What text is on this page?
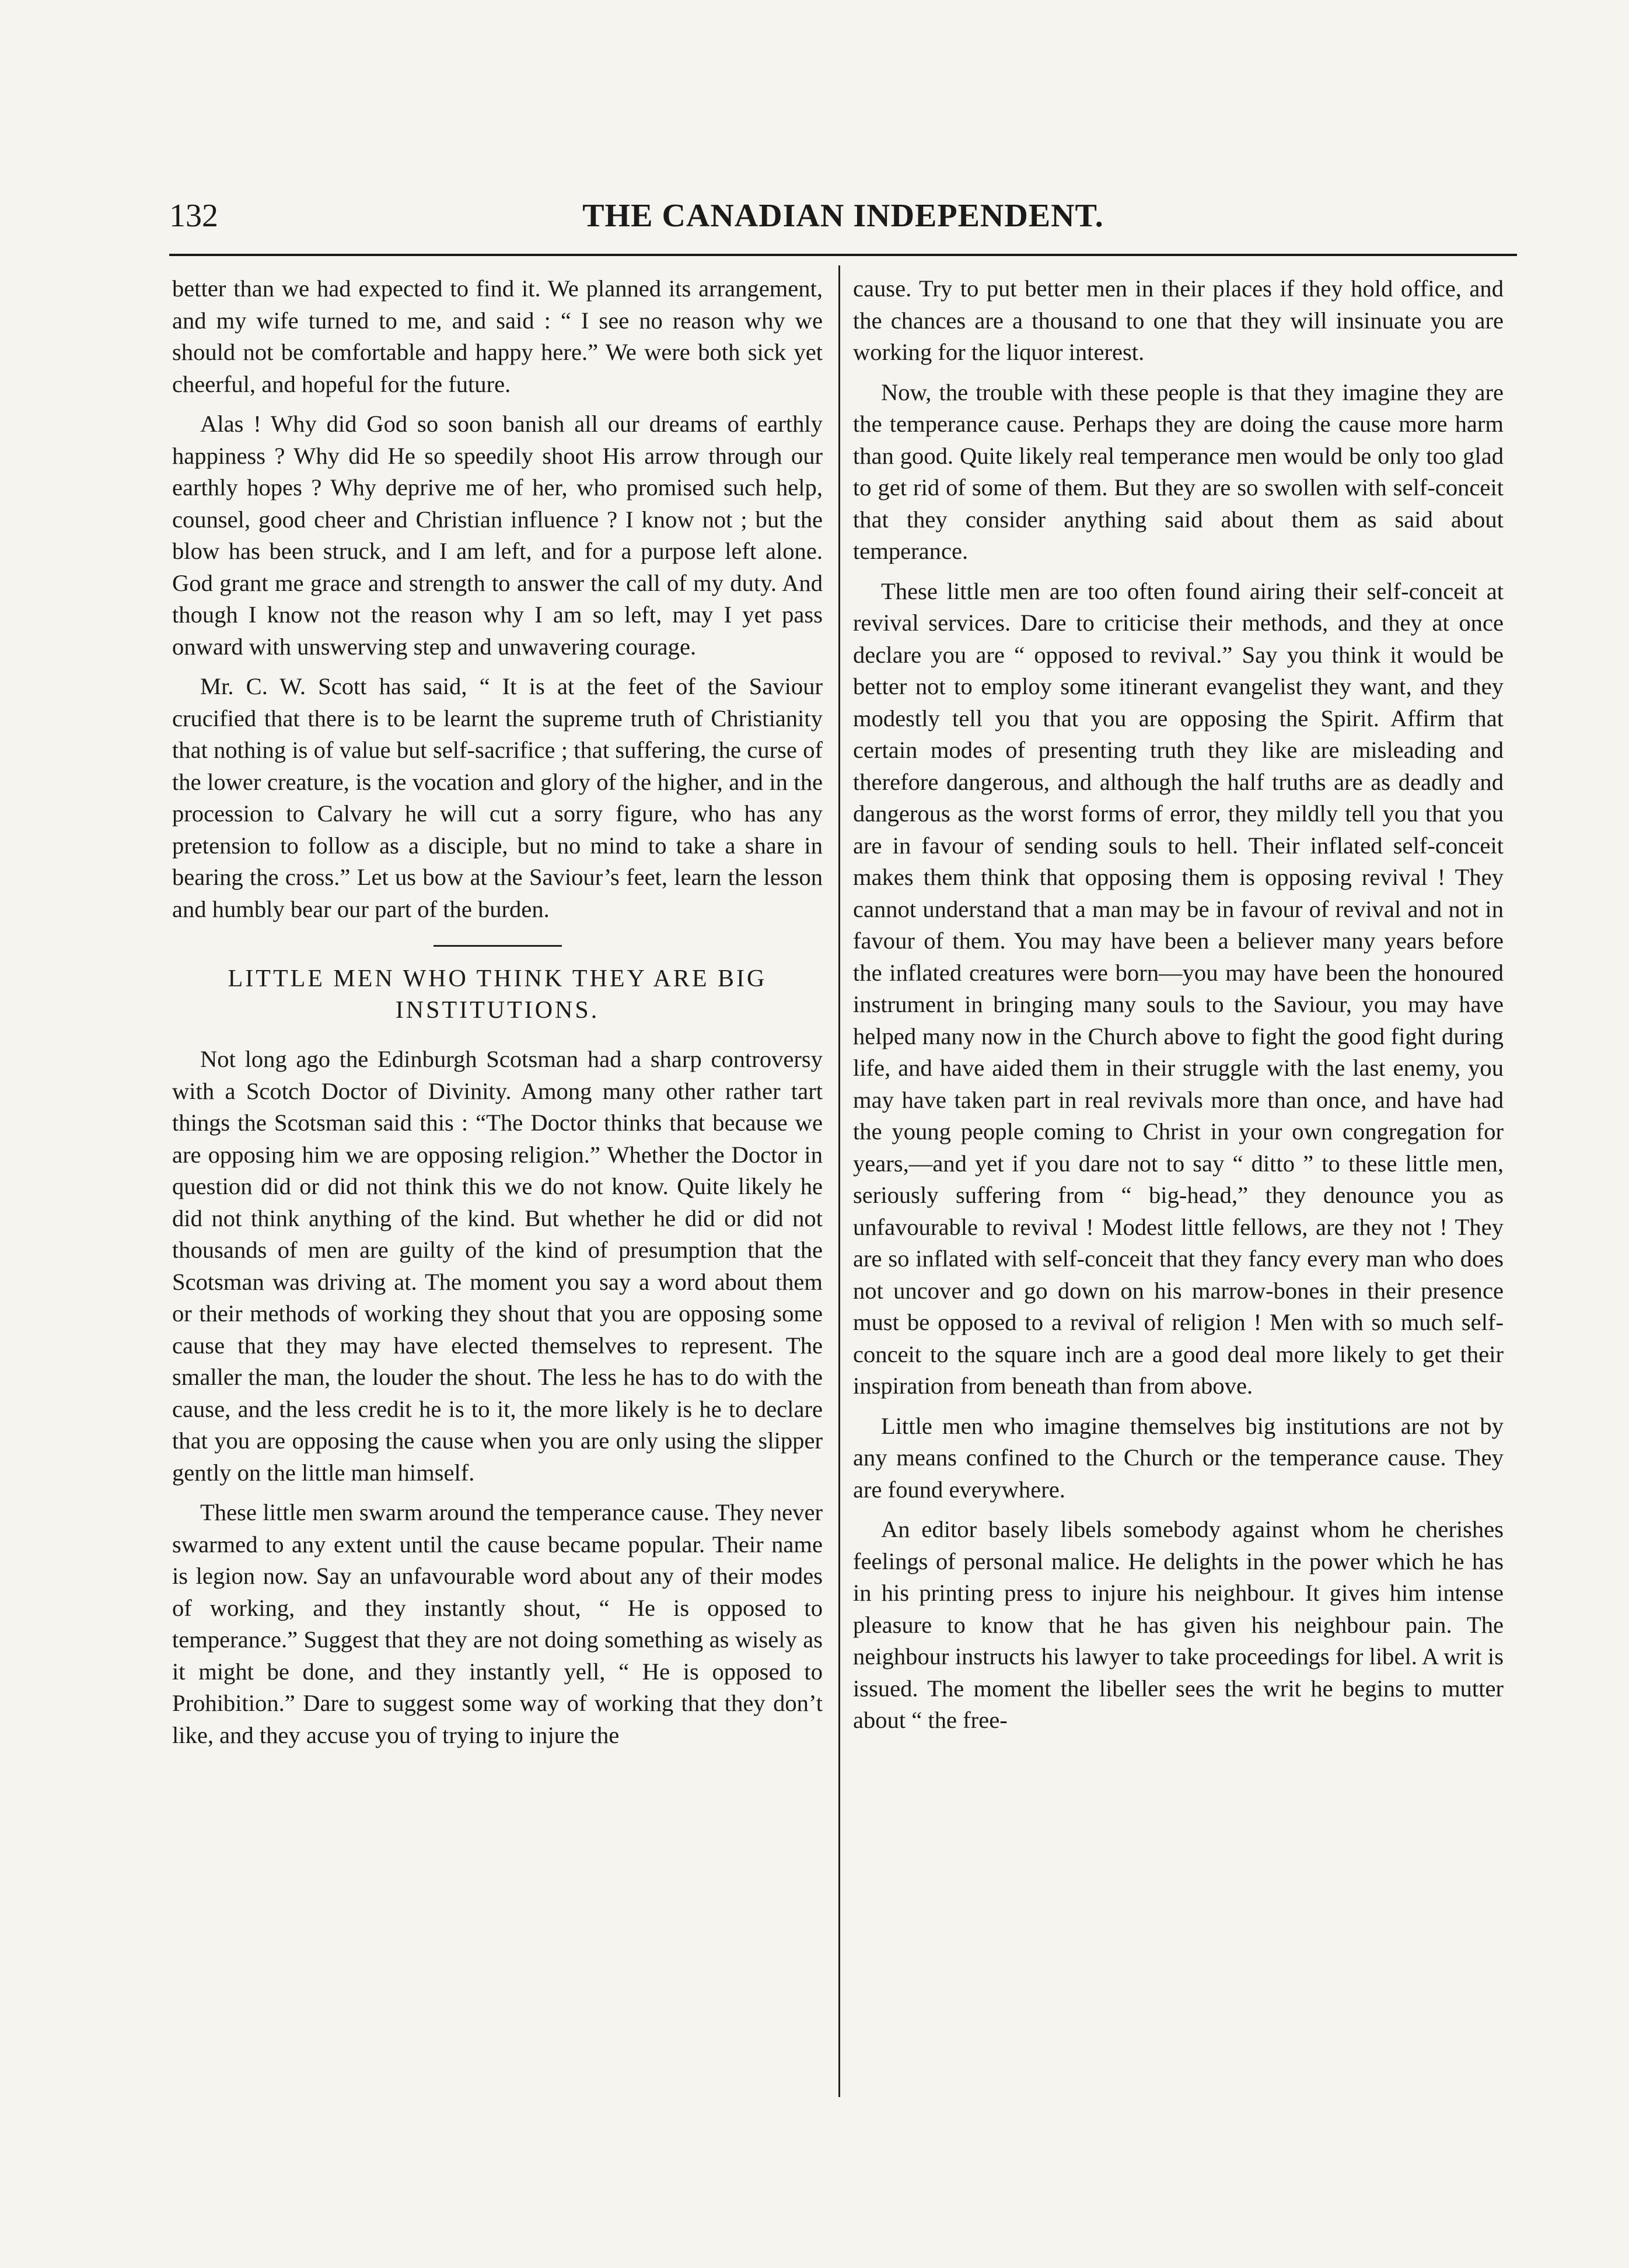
132	THE CANADIAN INDEPENDENT.

better than we had expected to find it. We planned its arrangement, and my wife turned to me, and said : “ I see no reason why we should not be comfortable and happy here.” We were both sick yet cheerful, and hopeful for the future.

Alas ! Why did God so soon banish all our dreams of earthly happiness ? Why did He so speedily shoot His arrow through our earthly hopes ? Why deprive me of her, who promised such help, counsel, good cheer and Christian influence ? I know not ; but the blow has been struck, and I am left, and for a purpose left alone. God grant me grace and strength to answer the call of my duty. And though I know not the reason why I am so left, may I yet pass onward with unswerving step and unwavering courage.

Mr. C. W. Scott has said, “ It is at the feet of the Saviour crucified that there is to be learnt the supreme truth of Christianity that nothing is of value but self-sacrifice ; that suffering, the curse of the lower creature, is the vocation and glory of the higher, and in the procession to Calvary he will cut a sorry figure, who has any pretension to follow as a disciple, but no mind to take a share in bearing the cross.” Let us bow at the Saviour’s feet, learn the lesson and humbly bear our part of the burden.

LITTLE MEN WHO THINK THEY ARE BIG INSTITUTIONS.

Not long ago the Edinburgh Scotsman had a sharp controversy with a Scotch Doctor of Divinity. Among many other rather tart things the Scotsman said this : “The Doctor thinks that because we are opposing him we are opposing religion.” Whether the Doctor in question did or did not think this we do not know. Quite likely he did not think anything of the kind. But whether he did or did not thousands of men are guilty of the kind of presumption that the Scotsman was driving at. The moment you say a word about them or their methods of working they shout that you are opposing some cause that they may have elected themselves to represent. The smaller the man, the louder the shout. The less he has to do with the cause, and the less credit he is to it, the more likely is he to declare that you are opposing the cause when you are only using the slipper gently on the little man himself.

These little men swarm around the temperance cause. They never swarmed to any extent until the cause became popular. Their name is legion now. Say an unfavourable word about any of their modes of working, and they instantly shout, “ He is opposed to temperance.” Suggest that they are not doing something as wisely as it might be done, and they instantly yell, “ He is opposed to Prohibition.” Dare to suggest some way of working that they don’t like, and they accuse you of trying to injure the

cause. Try to put better men in their places if they hold office, and the chances are a thousand to one that they will insinuate you are working for the liquor interest.

Now, the trouble with these people is that they imagine they are the temperance cause. Perhaps they are doing the cause more harm than good. Quite likely real temperance men would be only too glad to get rid of some of them. But they are so swollen with self-conceit that they consider anything said about them as said about temperance.

These little men are too often found airing their self-conceit at revival services. Dare to criticise their methods, and they at once declare you are “ opposed to revival.” Say you think it would be better not to employ some itinerant evangelist they want, and they modestly tell you that you are opposing the Spirit. Affirm that certain modes of presenting truth they like are misleading and therefore dangerous, and although the half truths are as deadly and dangerous as the worst forms of error, they mildly tell you that you are in favour of sending souls to hell. Their inflated self-conceit makes them think that opposing them is opposing revival ! They cannot understand that a man may be in favour of revival and not in favour of them. You may have been a believer many years before the inflated creatures were born—you may have been the honoured instrument in bringing many souls to the Saviour, you may have helped many now in the Church above to fight the good fight during life, and have aided them in their struggle with the last enemy, you may have taken part in real revivals more than once, and have had the young people coming to Christ in your own congregation for years,—and yet if you dare not to say “ ditto ” to these little men, seriously suffering from “ big-head,” they denounce you as unfavourable to revival ! Modest little fellows, are they not ! They are so inflated with self-conceit that they fancy every man who does not uncover and go down on his marrow-bones in their presence must be opposed to a revival of religion ! Men with so much self-conceit to the square inch are a good deal more likely to get their inspiration from beneath than from above.

Little men who imagine themselves big institutions are not by any means confined to the Church or the temperance cause. They are found everywhere.

An editor basely libels somebody against whom he cherishes feelings of personal malice. He delights in the power which he has in his printing press to injure his neighbour. It gives him intense pleasure to know that he has given his neighbour pain. The neighbour instructs his lawyer to take proceedings for libel. A writ is issued. The moment the libeller sees the writ he begins to mutter about “ the free-
